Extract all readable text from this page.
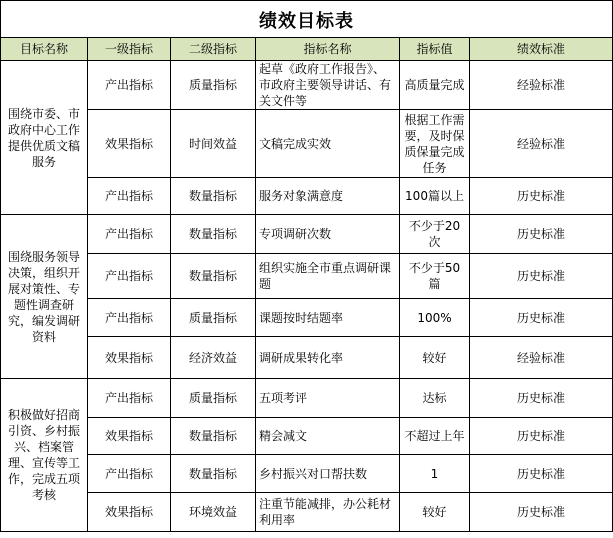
绩效目标表
目标名称	一级指标	二级指标	指标名称	指标值	绩效标准
围绕市委、市政府中心工作提供优质文稿服务	产出指标	质量指标	起草《政府工作报告》、市政府主要领导讲话、有关文件等	高质量完成	经验标准
	效果指标	时间效益	文稿完成实效	根据工作需要，及时保质保量完成任务	经验标准
	产出指标	数量指标	服务对象满意度	100篇以上	历史标准
围绕服务领导决策，组织开展对策性、专题性调查研究，编发调研资料	产出指标	数量指标	专项调研次数	不少于20次	历史标准
	产出指标	数量指标	组织实施全市重点调研课题	不少于50篇	历史标准
	产出指标	质量指标	课题按时结题率	100%	历史标准
	效果指标	经济效益	调研成果转化率	较好	经验标准
积极做好招商引资、乡村振兴、档案管理、宣传等工作，完成五项考核	产出指标	质量指标	五项考评	达标	历史标准
	效果指标	数量指标	精会减文	不超过上年	历史标准
	产出指标	数量指标	乡村振兴对口帮扶数	1	历史标准
	效果指标	环境效益	注重节能减排，办公耗材利用率	较好	历史标准
